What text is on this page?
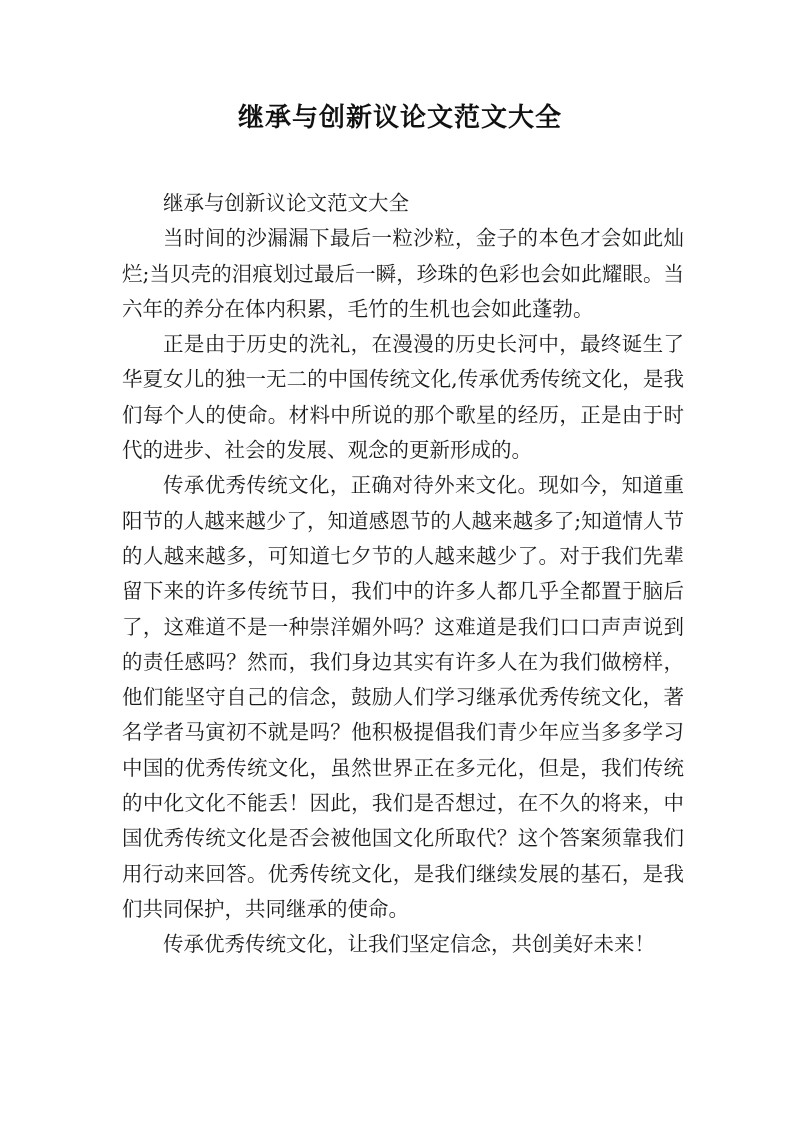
继承与创新议论文范文大全

继承与创新议论文范文大全

当时间的沙漏漏下最后一粒沙粒，金子的本色才会如此灿烂;当贝壳的泪痕划过最后一瞬，珍珠的色彩也会如此耀眼。当六年的养分在体内积累，毛竹的生机也会如此蓬勃。

正是由于历史的洗礼，在漫漫的历史长河中，最终诞生了华夏女儿的独一无二的中国传统文化,传承优秀传统文化，是我们每个人的使命。材料中所说的那个歌星的经历，正是由于时代的进步、社会的发展、观念的更新形成的。

传承优秀传统文化，正确对待外来文化。现如今，知道重阳节的人越来越少了，知道感恩节的人越来越多了;知道情人节的人越来越多，可知道七夕节的人越来越少了。对于我们先辈留下来的许多传统节日，我们中的许多人都几乎全都置于脑后了，这难道不是一种崇洋媚外吗？这难道是我们口口声声说到的责任感吗？然而，我们身边其实有许多人在为我们做榜样，他们能坚守自己的信念，鼓励人们学习继承优秀传统文化，著名学者马寅初不就是吗？他积极提倡我们青少年应当多多学习中国的优秀传统文化，虽然世界正在多元化，但是，我们传统的中化文化不能丢！因此，我们是否想过，在不久的将来，中国优秀传统文化是否会被他国文化所取代？这个答案须靠我们用行动来回答。优秀传统文化，是我们继续发展的基石，是我们共同保护，共同继承的使命。

传承优秀传统文化，让我们坚定信念，共创美好未来！
